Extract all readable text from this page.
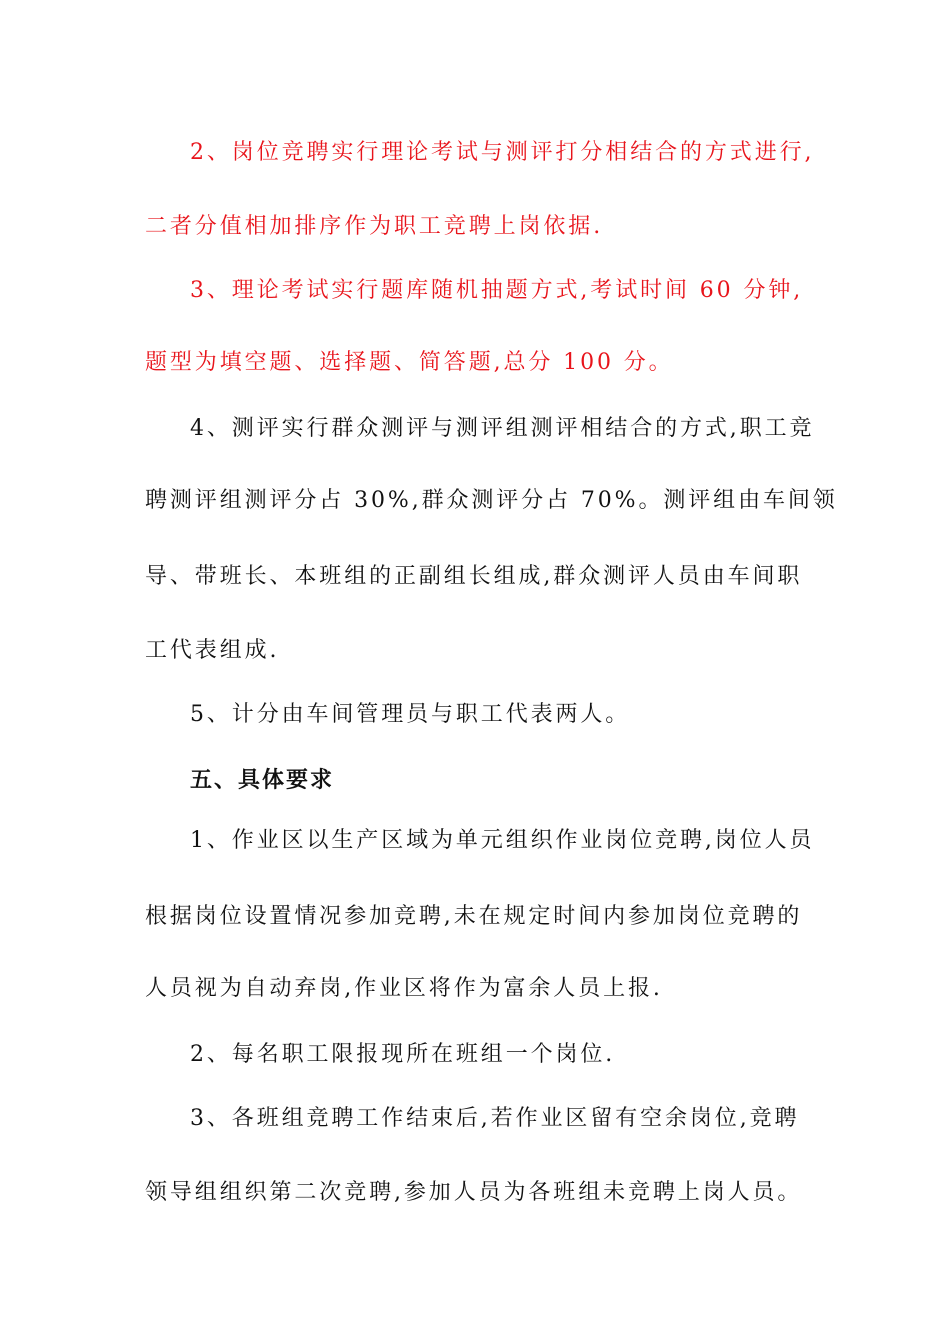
2、岗位竞聘实行理论考试与测评打分相结合的方式进行,
二者分值相加排序作为职工竞聘上岗依据.
3、理论考试实行题库随机抽题方式,考试时间 60 分钟,
题型为填空题、选择题、简答题,总分 100 分。
4、测评实行群众测评与测评组测评相结合的方式,职工竞
聘测评组测评分占 30%,群众测评分占 70%。测评组由车间领
导、带班长、本班组的正副组长组成,群众测评人员由车间职
工代表组成.
5、计分由车间管理员与职工代表两人。
五、具体要求
1、作业区以生产区域为单元组织作业岗位竞聘,岗位人员
根据岗位设置情况参加竞聘,未在规定时间内参加岗位竞聘的
人员视为自动弃岗,作业区将作为富余人员上报.
2、每名职工限报现所在班组一个岗位.
3、各班组竞聘工作结束后,若作业区留有空余岗位,竞聘
领导组组织第二次竞聘,参加人员为各班组未竞聘上岗人员。
